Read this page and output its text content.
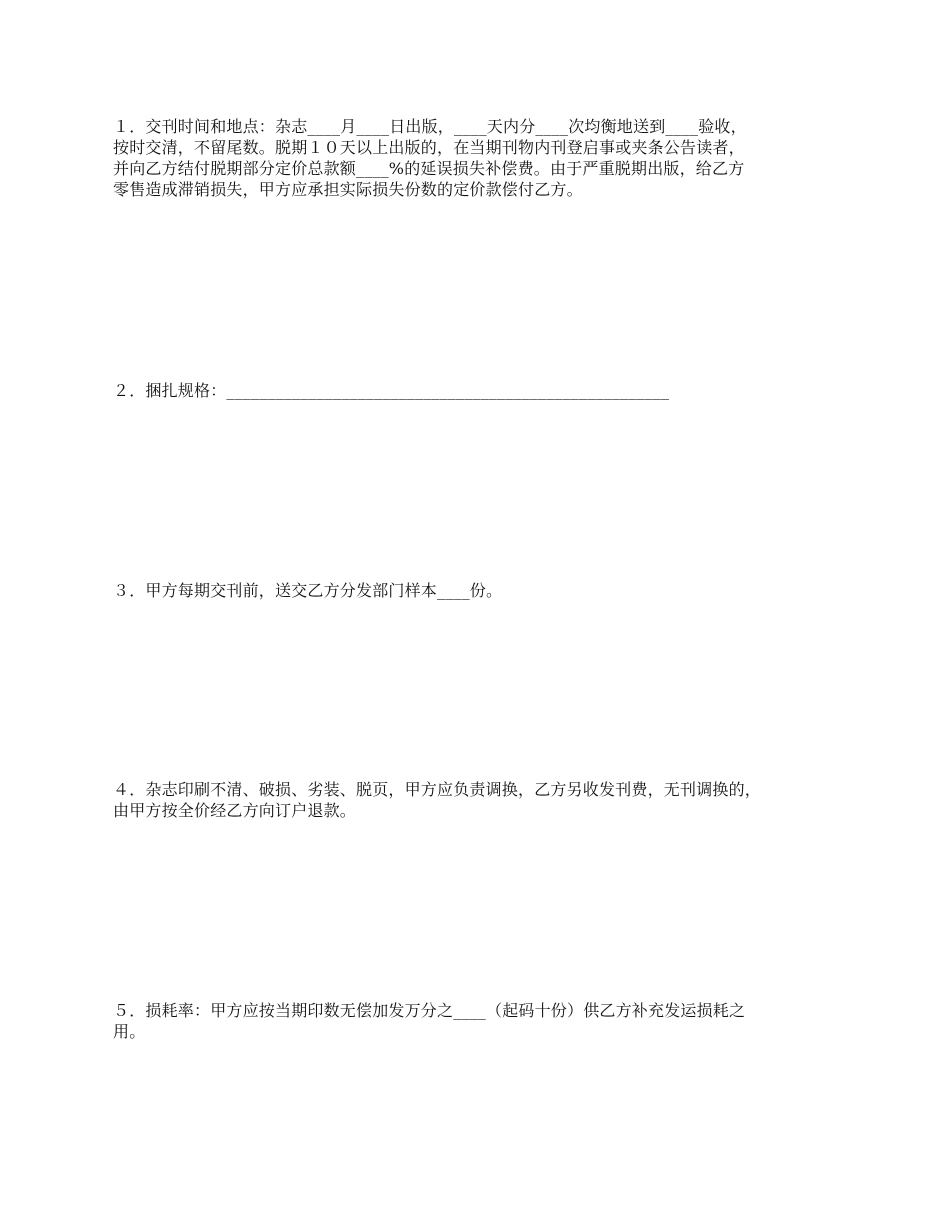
１．交刊时间和地点：杂志____月____日出版，____天内分____次均衡地送到____验收，
按时交清，不留尾数。脱期１０天以上出版的，在当期刊物内刊登启事或夹条公告读者，
并向乙方结付脱期部分定价总款额____%的延误损失补偿费。由于严重脱期出版，给乙方
零售造成滞销损失，甲方应承担实际损失份数的定价款偿付乙方。

２．捆扎规格：______________________________________________________

３．甲方每期交刊前，送交乙方分发部门样本____份。

４．杂志印刷不清、破损、劣装、脱页，甲方应负责调换，乙方另收发刊费，无刊调换的，
由甲方按全价经乙方向订户退款。

５．损耗率：甲方应按当期印数无偿加发万分之____（起码十份）供乙方补充发运损耗之
用。
